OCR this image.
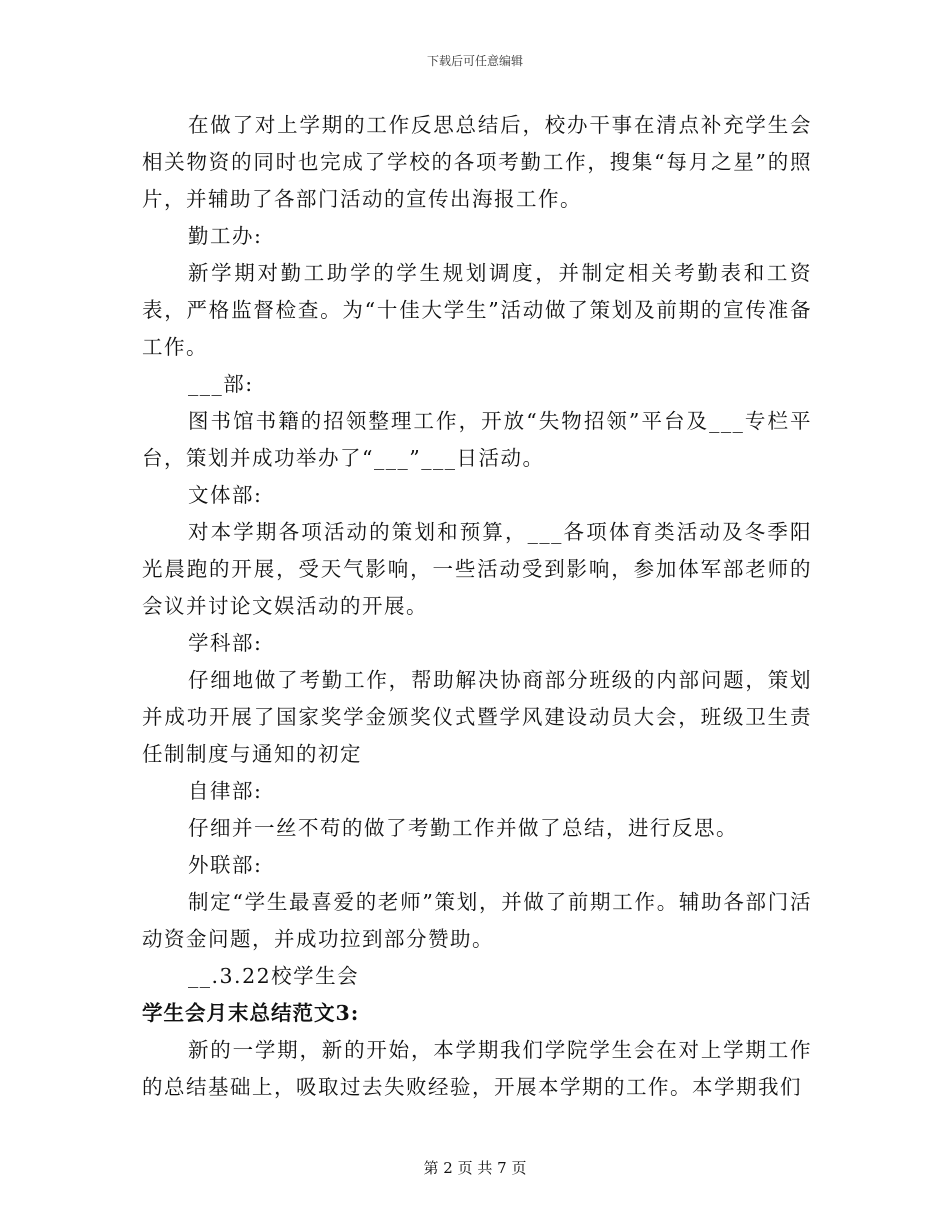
下载后可任意编辑

在做了对上学期的工作反思总结后，校办干事在清点补充学生会相关物资的同时也完成了学校的各项考勤工作，搜集“每月之星”的照片，并辅助了各部门活动的宣传出海报工作。

勤工办:

新学期对勤工助学的学生规划调度，并制定相关考勤表和工资表，严格监督检查。为“十佳大学生”活动做了策划及前期的宣传准备工作。

___部:

图书馆书籍的招领整理工作，开放“失物招领”平台及___专栏平台，策划并成功举办了“___”___日活动。

文体部:

对本学期各项活动的策划和预算，___各项体育类活动及冬季阳光晨跑的开展，受天气影响，一些活动受到影响，参加体军部老师的会议并讨论文娱活动的开展。

学科部:

仔细地做了考勤工作，帮助解决协商部分班级的内部问题，策划并成功开展了国家奖学金颁奖仪式暨学风建设动员大会，班级卫生责任制制度与通知的初定

自律部:

仔细并一丝不苟的做了考勤工作并做了总结，进行反思。

外联部:

制定“学生最喜爱的老师”策划，并做了前期工作。辅助各部门活动资金问题，并成功拉到部分赞助。

__.3.22校学生会

学生会月末总结范文3:

新的一学期，新的开始，本学期我们学院学生会在对上学期工作的总结基础上，吸取过去失败经验，开展本学期的工作。本学期我们

第 2 页 共 7 页
